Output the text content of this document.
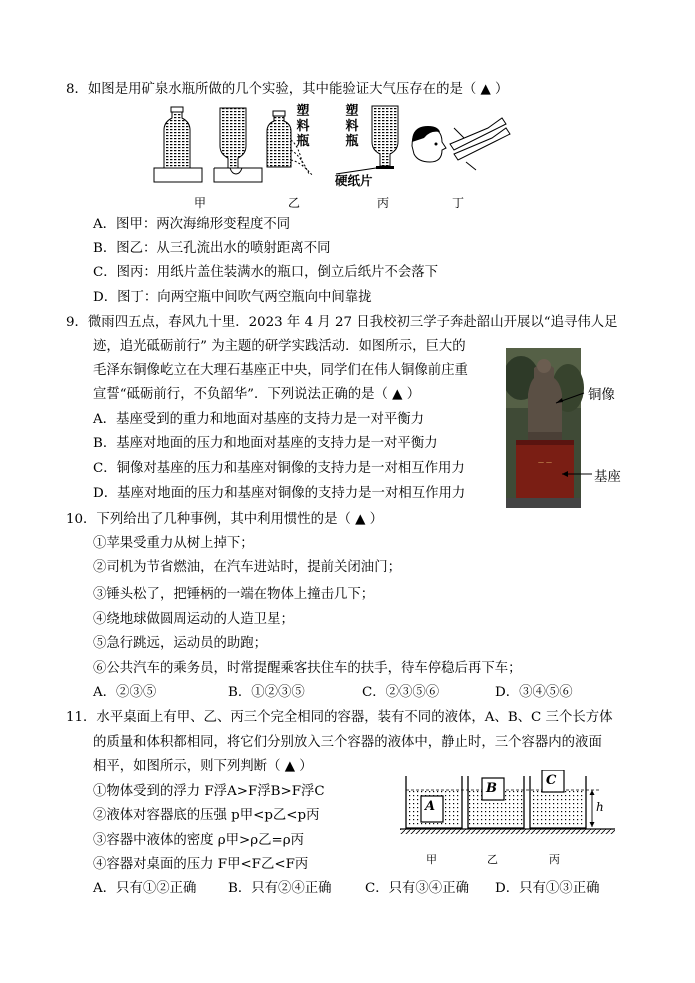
8．如图是用矿泉水瓶所做的几个实验，其中能验证大气压存在的是（ ▲ ）
塑
料
瓶
塑
料
瓶
硬纸片
甲	乙	丙	丁
A．图甲：两次海绵形变程度不同
B．图乙：从三孔流出水的喷射距离不同
C．图丙：用纸片盖住装满水的瓶口，倒立后纸片不会落下
D．图丁：向两空瓶中间吹气两空瓶向中间靠拢
9．微雨四五点，春风九十里．2023 年 4 月 27 日我校初三学子奔赴韶山开展以“追寻伟人足
迹，追光砥砺前行” 为主题的研学实践活动．如图所示，巨大的
毛泽东铜像屹立在大理石基座正中央，同学们在伟人铜像前庄重
宣誓“砥砺前行，不负韶华”．下列说法正确的是（ ▲ ）
A．基座受到的重力和地面对基座的支持力是一对平衡力
B．基座对地面的压力和地面对基座的支持力是一对平衡力
C．铜像对基座的压力和基座对铜像的支持力是一对相互作用力
D．基座对地面的压力和基座对铜像的支持力是一对相互作用力
— —
铜像
基座
10．下列给出了几种事例，其中利用惯性的是（ ▲ ）
①苹果受重力从树上掉下；
②司机为节省燃油，在汽车进站时，提前关闭油门；
③锤头松了，把锤柄的一端在物体上撞击几下；
④绕地球做圆周运动的人造卫星；
⑤急行跳远，运动员的助跑；
⑥公共汽车的乘务员，时常提醒乘客扶住车的扶手，待车停稳后再下车；
A．②③⑤	B．①②③⑤	C．②③⑤⑥	D．③④⑤⑥
11．水平桌面上有甲、乙、丙三个完全相同的容器，装有不同的液体，A、B、C 三个长方体
的质量和体积都相同，将它们分别放入三个容器的液体中，静止时，三个容器内的液面
相平，如图所示，则下列判断（ ▲ ）
①物体受到的浮力 F浮A>F浮B>F浮C
②液体对容器底的压强 p甲<p乙<p丙
③容器中液体的密度 ρ甲>ρ乙=ρ丙
④容器对桌面的压力 F甲<F乙<F丙
A．只有①②正确 B．只有②④正确 C．只有③④正确 D．只有①③正确
A
B
C
h
甲	乙	丙
